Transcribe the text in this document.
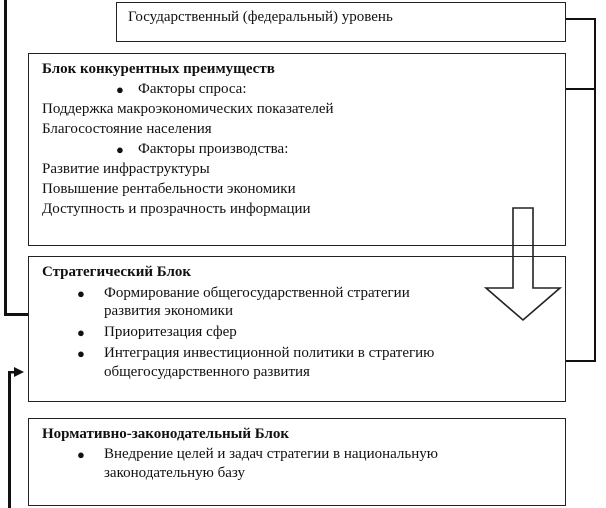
Государственный (федеральный) уровень
Блок конкурентных преимуществ
● Факторы спроса:
Поддержка макроэкономических показателей
Благосостояние населения
● Факторы производства:
Развитие инфраструктуры
Повышение рентабельности экономики
Доступность и прозрачность информации
Стратегический Блок
● Формирование общегосударственной стратегии
развития экономики
● Приоритезация сфер
● Интеграция инвестиционной политики в стратегию
общегосударственного развития
Нормативно-законодательный Блок
● Внедрение целей и задач стратегии в национальную
законодательную базу
